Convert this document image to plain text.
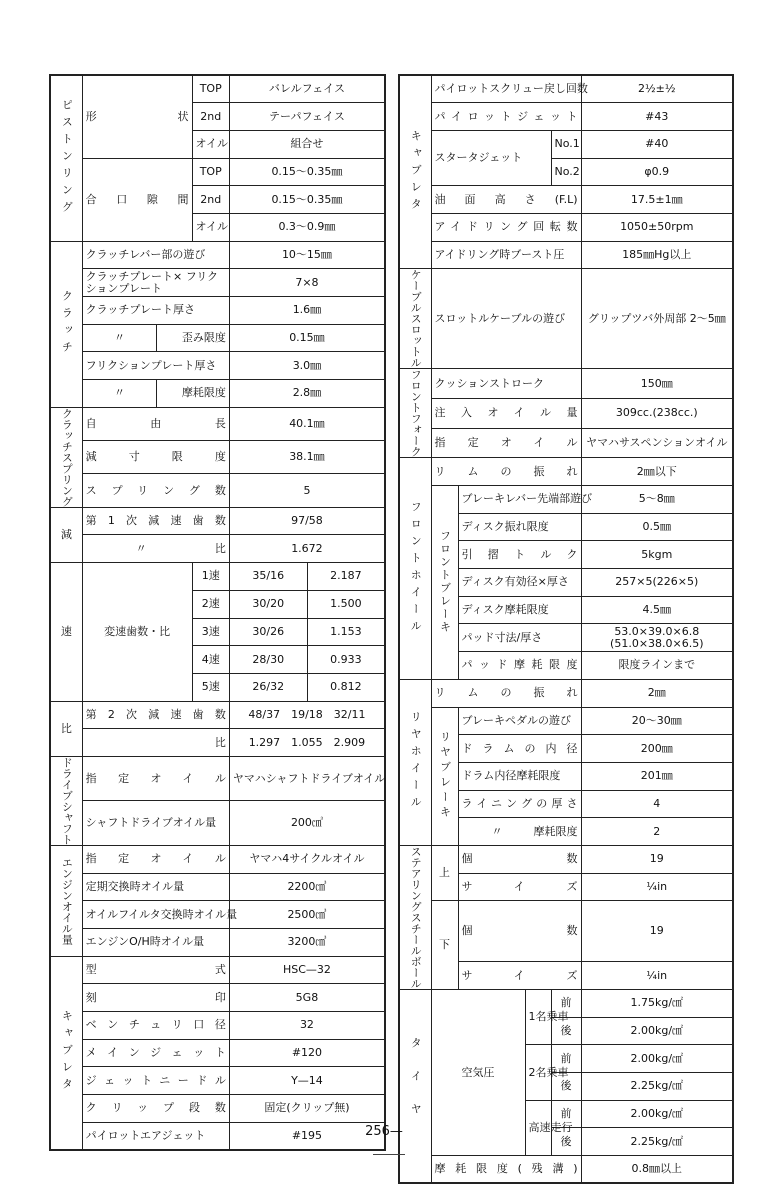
ピストンリング	形状		TOP	バレルフェイス	
			2nd	テーパフェイス	
			オイル	組合せ	
	合口隙間		TOP	0.15～0.35㎜	
			2nd	0.15～0.35㎜	
			オイル	0.3～0.9㎜	
クラッチ	クラッチレバー部の遊び			10～15㎜	
	クラッチプレート× フリクションプレート			7×8	
	クラッチプレート厚さ			1.6㎜	
	〃	歪み限度		0.15㎜	
	フリクションプレート厚さ			3.0㎜	
	〃	摩耗限度		2.8㎜	
クラッチスプリング	自由長			40.1㎜	
	減寸限度			38.1㎜	
	スプリング数			5	
減	第1次減速歯数			97/58	
	〃 比			1.672	
速	変速歯数・比		1速	35/16	2.187
			2速	30/20	1.500
			3速	30/26	1.153
			4速	28/30	0.933
			5速	26/32	0.812
比	第2次減速歯数			48/37　19/18　32/11	
	比			1.297　1.055　2.909	
ドライブシャフト	指定オイル			ヤマハシャフトドライブオイル	
	シャフトドライブオイル量			200㎤	
エンジンオイル量	指定オイル			ヤマハ4サイクルオイル	
	定期交換時オイル量			2200㎤	
	オイルフイルタ交換時オイル量			2500㎤	
	エンジンO/H時オイル量			3200㎤	
キャブレタ	型式			HSC—32	
	刻印			5G8	
	ベンチュリ口径			32	
	メインジェット			#120	
	ジェットニードル			Y—14	
	クリップ段数			固定(クリップ無)	
	パイロットエアジェット			#195	
キャブレタ	パイロットスクリュー戻し回数				2½±½
	パイロットジェット				#43
	スタータジェット			No.1	#40
				No.2	φ0.9
	油面高さ(F.L)				17.5±1㎜
	アイドリング回転数				1050±50rpm
	アイドリング時ブースト圧				185㎜Hg以上
ケーブルスロットル	スロットルケーブルの遊び				グリップツバ外周部 2～5㎜
フロントフォーク	クッションストローク				150㎜
	注入オイル量				309cc.(238cc.)
	指定オイル				ヤマハサスペンションオイル
フロントホイール	リムの振れ				2㎜以下
	フロントブレーキ	ブレーキレバー先端部遊び			5～8㎜
		ディスク振れ限度			0.5㎜
		引摺トルク			5kgm
		ディスク有効径×厚さ			257×5(226×5)
		ディスク摩耗限度			4.5㎜
		パッド寸法/厚さ			53.0×39.0×6.8
(51.0×38.0×6.5)
		パッド摩耗限度			限度ラインまで
リヤホイール	リムの振れ				2㎜
	リヤブレーキ	ブレーキペダルの遊び			20～30㎜
		ドラムの内径			200㎜
		ドラム内径摩耗限度			201㎜
		ライニングの厚さ			4
		〃 摩耗限度			2
ステアリングスチールボール	上	個数			19
		サイズ			¼in
	下	個数			19
		サイズ			¼in
タイヤ	空気圧		1名乗車	前	1.75kg/㎠
				後	2.00kg/㎠
			2名乗車	前	2.00kg/㎠
				後	2.25kg/㎠
			高速走行	前	2.00kg/㎠
				後	2.25kg/㎠
	摩耗限度(残溝)				0.8㎜以上
256—
